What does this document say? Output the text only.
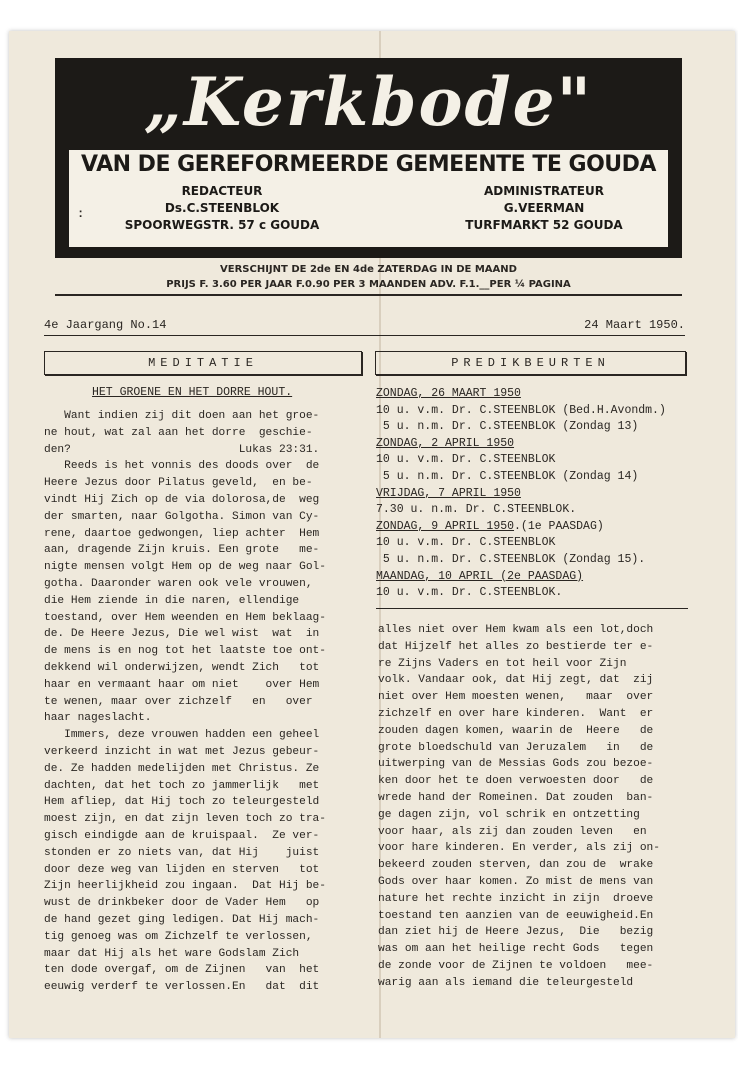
„Kerkbode"
VAN DE GEREFORMEERDE GEMEENTE TE GOUDA
:
REDACTEUR
Ds.C.STEENBLOK
SPOORWEGSTR. 57 c GOUDA
ADMINISTRATEUR
G.VEERMAN
TURFMARKT 52 GOUDA
VERSCHIJNT DE 2de EN 4de ZATERDAG IN DE MAAND
PRIJS F. 3.60 PER JAAR F.0.90 PER 3 MAANDEN ADV. F.1.__PER ¼ PAGINA
4e Jaargang No.14	24 Maart 1950.
MEDITATIE	PREDIKBEURTEN
HET GROENE EN HET DORRE HOUT.
Want indien zij dit doen aan het groe-
ne hout, wat zal aan het dorre  geschie-
den?                         Lukas 23:31.
Reeds is het vonnis des doods over  de
Heere Jezus door Pilatus geveld,  en be-
vindt Hij Zich op de via dolorosa,de  weg
der smarten, naar Golgotha. Simon van Cy-
rene, daartoe gedwongen, liep achter  Hem
aan, dragende Zijn kruis. Een grote   me-
nigte mensen volgt Hem op de weg naar Gol-
gotha. Daaronder waren ook vele vrouwen,
die Hem ziende in die naren, ellendige
toestand, over Hem weenden en Hem beklaag-
de. De Heere Jezus, Die wel wist  wat  in
de mens is en nog tot het laatste toe ont-
dekkend wil onderwijzen, wendt Zich   tot
haar en vermaant haar om niet    over Hem
te wenen, maar over zichzelf   en   over
haar nageslacht.
Immers, deze vrouwen hadden een geheel
verkeerd inzicht in wat met Jezus gebeur-
de. Ze hadden medelijden met Christus. Ze
dachten, dat het toch zo jammerlijk   met
Hem afliep, dat Hij toch zo teleurgesteld
moest zijn, en dat zijn leven toch zo tra-
gisch eindigde aan de kruispaal.  Ze ver-
stonden er zo niets van, dat Hij    juist
door deze weg van lijden en sterven   tot
Zijn heerlijkheid zou ingaan.  Dat Hij be-
wust de drinkbeker door de Vader Hem   op
de hand gezet ging ledigen. Dat Hij mach-
tig genoeg was om Zichzelf te verlossen,
maar dat Hij als het ware Godslam Zich
ten dode overgaf, om de Zijnen   van  het
eeuwig verderf te verlossen.En   dat  dit
ZONDAG, 26 MAART 1950
10 u. v.m. Dr. C.STEENBLOK (Bed.H.Avondm.)
5 u. n.m. Dr. C.STEENBLOK (Zondag 13)
ZONDAG, 2 APRIL 1950
10 u. v.m. Dr. C.STEENBLOK
5 u. n.m. Dr. C.STEENBLOK (Zondag 14)
VRIJDAG, 7 APRIL 1950
7.30 u. n.m. Dr. C.STEENBLOK.
ZONDAG, 9 APRIL 1950.(1e PAASDAG)
10 u. v.m. Dr. C.STEENBLOK
5 u. n.m. Dr. C.STEENBLOK (Zondag 15).
MAANDAG, 10 APRIL (2e PAASDAG)
10 u. v.m. Dr. C.STEENBLOK.
alles niet over Hem kwam als een lot,doch
dat Hijzelf het alles zo bestierde ter e-
re Zijns Vaders en tot heil voor Zijn
volk. Vandaar ook, dat Hij zegt, dat  zij
niet over Hem moesten wenen,   maar  over
zichzelf en over hare kinderen.  Want  er
zouden dagen komen, waarin de  Heere   de
grote bloedschuld van Jeruzalem   in   de
uitwerping van de Messias Gods zou bezoe-
ken door het te doen verwoesten door   de
wrede hand der Romeinen. Dat zouden  ban-
ge dagen zijn, vol schrik en ontzetting
voor haar, als zij dan zouden leven   en
voor hare kinderen. En verder, als zij on-
bekeerd zouden sterven, dan zou de  wrake
Gods over haar komen. Zo mist de mens van
nature het rechte inzicht in zijn  droeve
toestand ten aanzien van de eeuwigheid.En
dan ziet hij de Heere Jezus,  Die   bezig
was om aan het heilige recht Gods   tegen
de zonde voor de Zijnen te voldoen   mee-
warig aan als iemand die teleurgesteld
